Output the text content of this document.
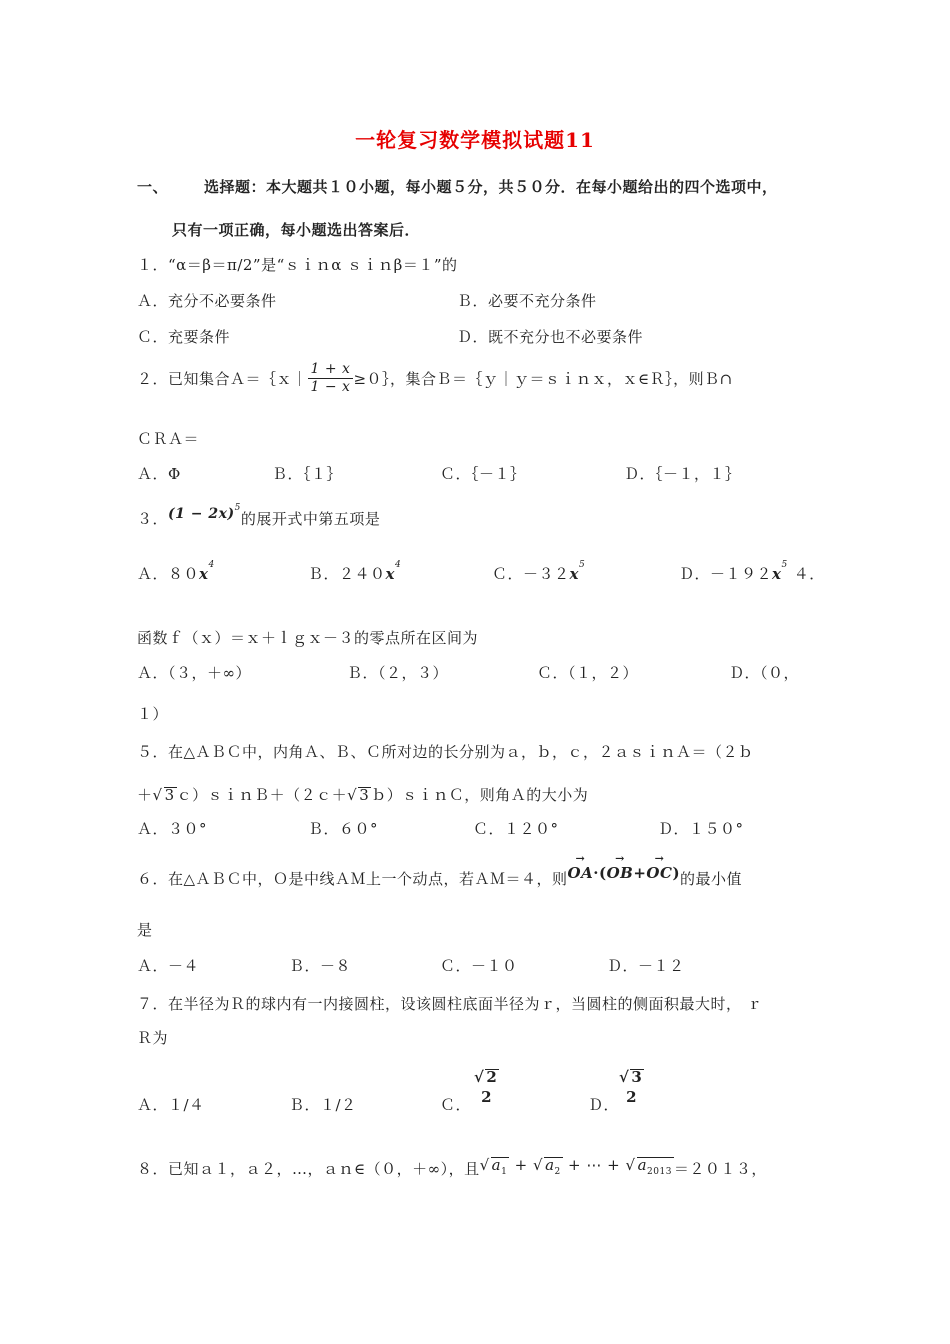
一轮复习数学模拟试题11
一、 选择题：本大题共１０小题，每小题５分，共５０分．在每小题给出的四个选项中，
只有一项正确，每小题选出答案后．
１．“α＝β＝π/2”是“ｓｉｎα ｓｉｎβ＝１”的
Ａ．充分不必要条件	Ｂ．必要不充分条件
Ｃ．充要条件	Ｄ．既不充分也不必要条件
２．已知集合Ａ＝｛ｘ｜ $\frac{1 + x}{1 - x}$ ≥０｝，集合Ｂ＝｛ｙ｜ｙ＝ｓｉｎｘ，ｘ∈Ｒ｝，则Ｂ∩
ＣＲＡ＝
Ａ．Φ	Ｂ．｛１｝	Ｃ．｛－１｝	Ｄ．｛－１，１｝
３．$(1 - 2x)^5$的展开式中第五项是
Ａ．$80x^4$	Ｂ．$240x^4$	Ｃ．$-32x^5$	Ｄ．$-192x^5$ ４．
函数ｆ（ｘ）＝ｘ＋ｌｇｘ－３的零点所在区间为
Ａ．（３，＋∞）	Ｂ．（２，３）	Ｃ．（１，２）	Ｄ．（０，
１）
５．在△ＡＢＣ中，内角Ａ、Ｂ、Ｃ所对边的长分别为ａ，ｂ，ｃ，２ａｓｉｎＡ＝（２ｂ
＋√ 3 ｃ）ｓｉｎＢ＋（２ｃ＋√ 3 ｂ）ｓｉｎＣ，则角Ａ的大小为
Ａ．３０°	Ｂ．６０°	Ｃ．１２０°	Ｄ．１５０°
６．在△ＡＢＣ中，Ｏ是中线ＡＭ上一个动点，若ＡＭ＝４，则→ OA·(→ OB+→ OC)的最小值
是
Ａ．－４	Ｂ．－８	Ｃ．－１０	Ｄ．－１２
７．在半径为Ｒ的球内有一内接圆柱，设该圆柱底面半径为ｒ，当圆柱的侧面积最大时， ｒ
Ｒ为
Ａ．１/４	Ｂ．１/２	Ｃ．
√ 2
2	Ｄ．
√ 3
2
８．已知ａ１，ａ２，…，ａｎ∈（０，＋∞），且√ $a_1$ + √ $a_2$ + ⋯ + √ $a_{2013} =2013$，
